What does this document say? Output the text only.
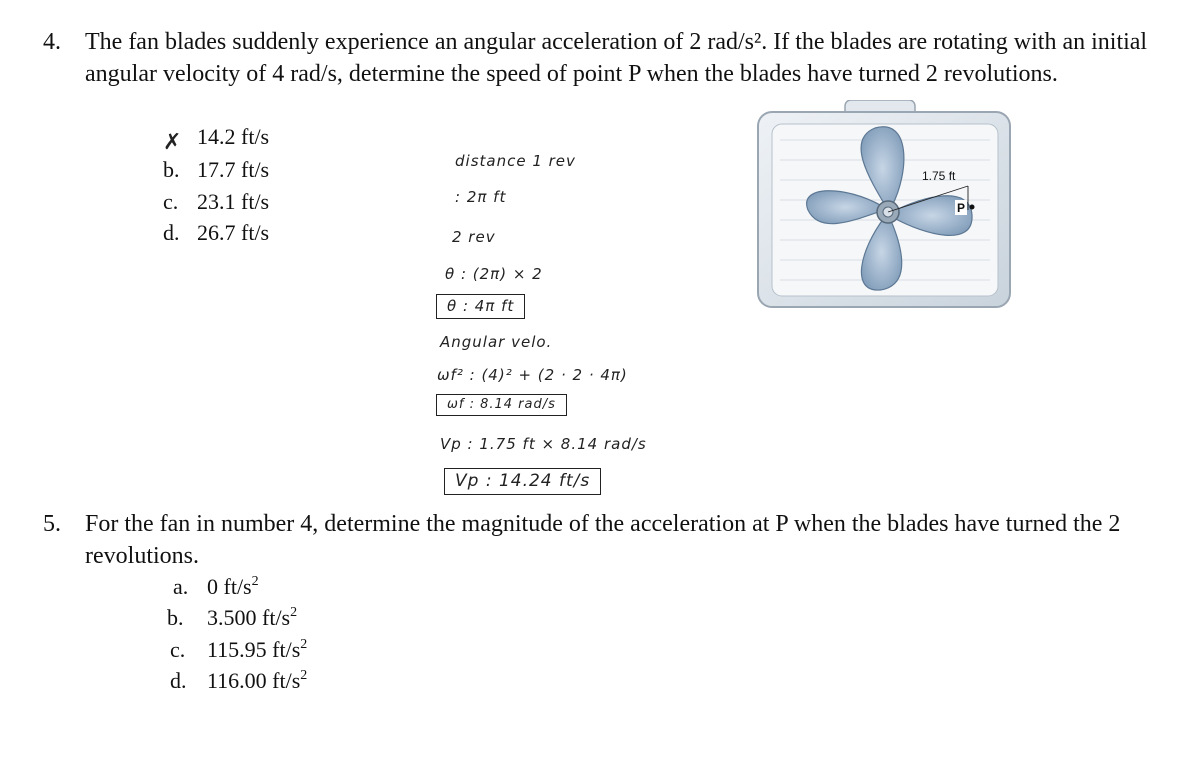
4.	The fan blades suddenly experience an angular acceleration of 2 rad/s². If the blades are rotating with an initial angular velocity of 4 rad/s, determine the speed of point P when the blades have turned 2 revolutions.
14.2 ft/s
✗
b. 17.7 ft/s
c. 23.1 ft/s
d. 26.7 ft/s
distance 1 rev
: 2π ft
2 rev
θ : (2π) × 2
θ : 4π ft
Angular velo.
ωf² : (4)² + (2 · 2 · 4π)
ωf : 8.14 rad/s
Vp : 1.75 ft × 8.14 rad/s
Vp : 14.24 ft/s
1.75 ft
P
5.	For the fan in number 4, determine the magnitude of the acceleration at P when the blades have turned the 2 revolutions.
a. 0 $ft/s^2$
b. 3.500 $ft/s^2$
c. 115.95 $ft/s^2$
d. 116.00 $ft/s^2$
